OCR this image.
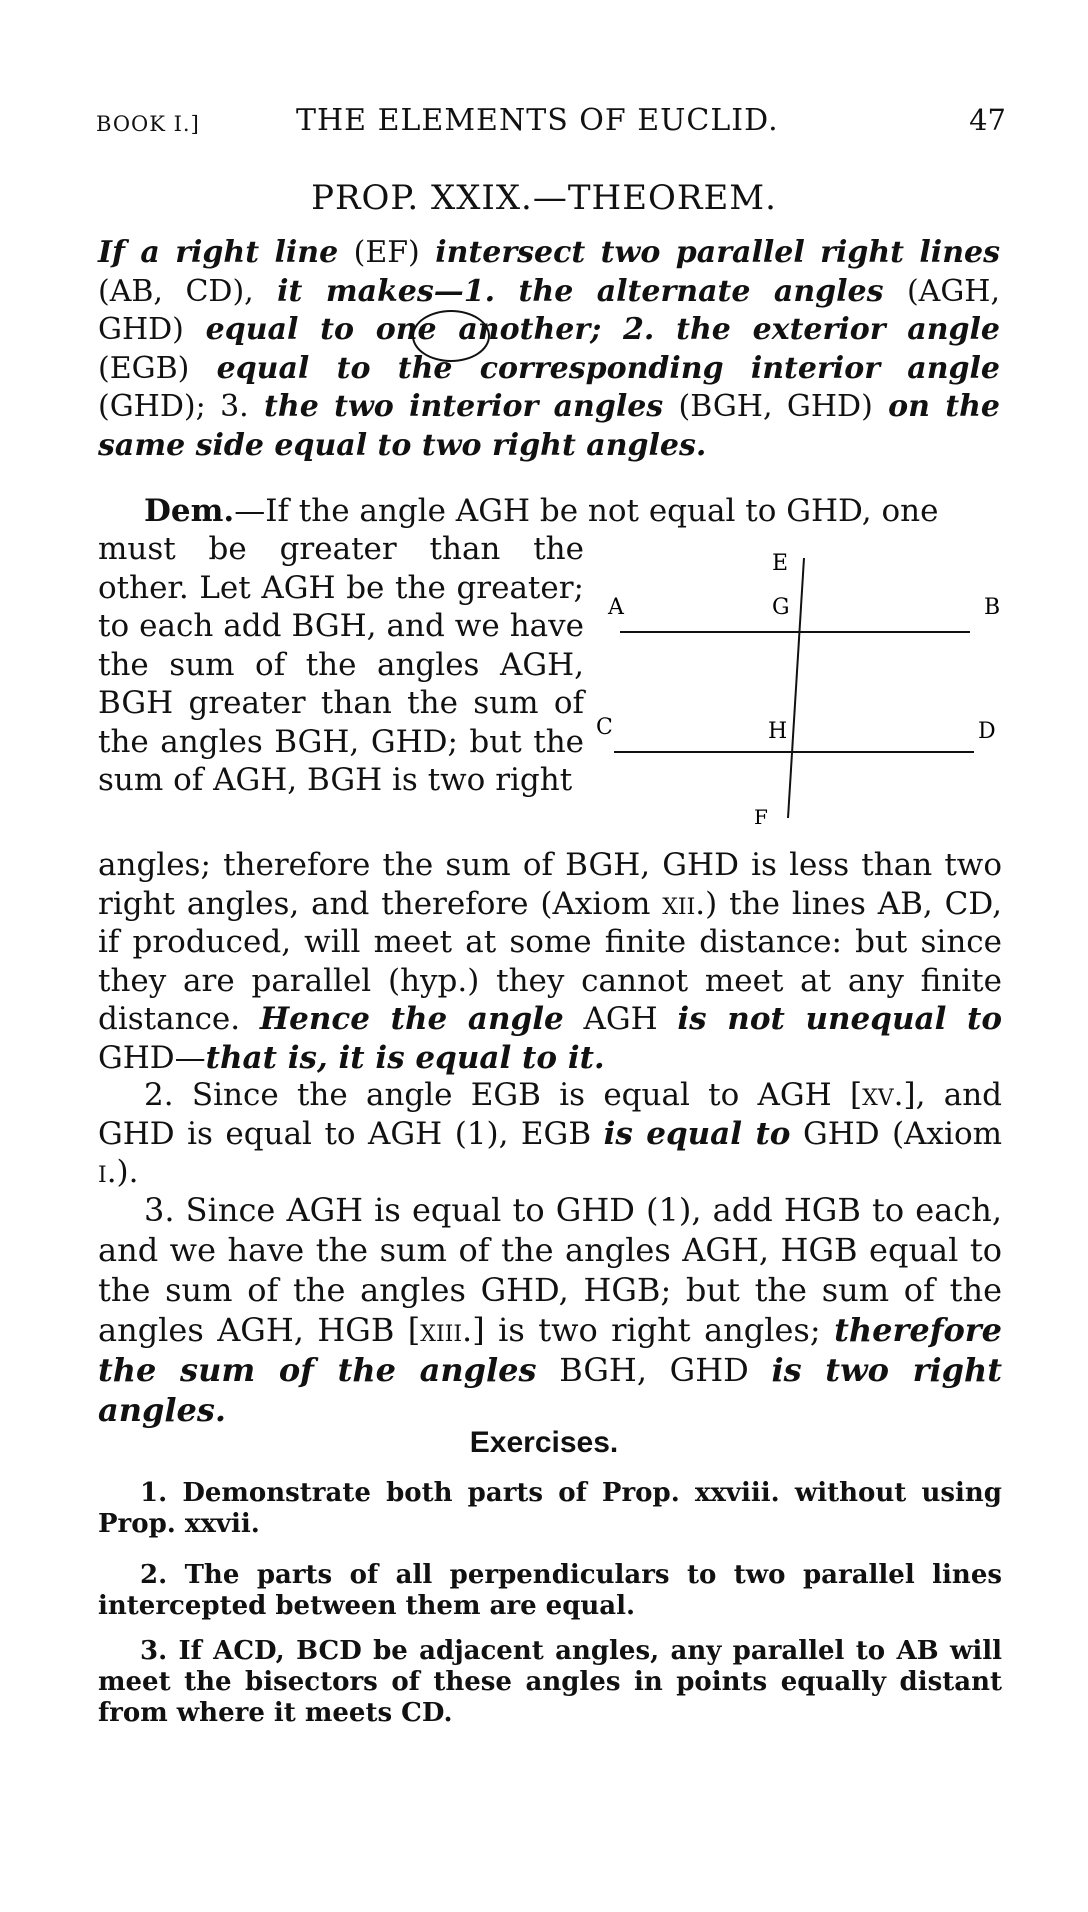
BOOK I.]	THE ELEMENTS OF EUCLID.	47
PROP. XXIX.—THEOREM.

If a right line (EF) intersect two parallel right lines (AB, CD), it makes—1. the alternate angles (AGH, GHD) equal to one another; 2. the exterior angle (EGB) equal to the corresponding interior angle (GHD); 3. the two interior angles (BGH, GHD) on the same side equal to two right angles.

Dem.—If the angle AGH be not equal to GHD, one

must be greater than the other. Let AGH be the greater; to each add BGH, and we have the sum of the angles AGH, BGH greater than the sum of the angles BGH, GHD; but the sum of AGH, BGH is two right

E
A	G	B
C	H	D
F

angles; therefore the sum of BGH, GHD is less than two right angles, and therefore (Axiom xii.) the lines AB, CD, if produced, will meet at some finite distance: but since they are parallel (hyp.) they cannot meet at any finite distance. Hence the angle AGH is not unequal to GHD—that is, it is equal to it.

2. Since the angle EGB is equal to AGH [xv.], and GHD is equal to AGH (1), EGB is equal to GHD (Axiom i.).

3. Since AGH is equal to GHD (1), add HGB to each, and we have the sum of the angles AGH, HGB equal to the sum of the angles GHD, HGB; but the sum of the angles AGH, HGB [xiii.] is two right angles; therefore the sum of the angles BGH, GHD is two right angles.

Exercises.

1. Demonstrate both parts of Prop. xxviii. without using Prop. xxvii.

2. The parts of all perpendiculars to two parallel lines intercepted between them are equal.

3. If ACD, BCD be adjacent angles, any parallel to AB will meet the bisectors of these angles in points equally distant from where it meets CD.
